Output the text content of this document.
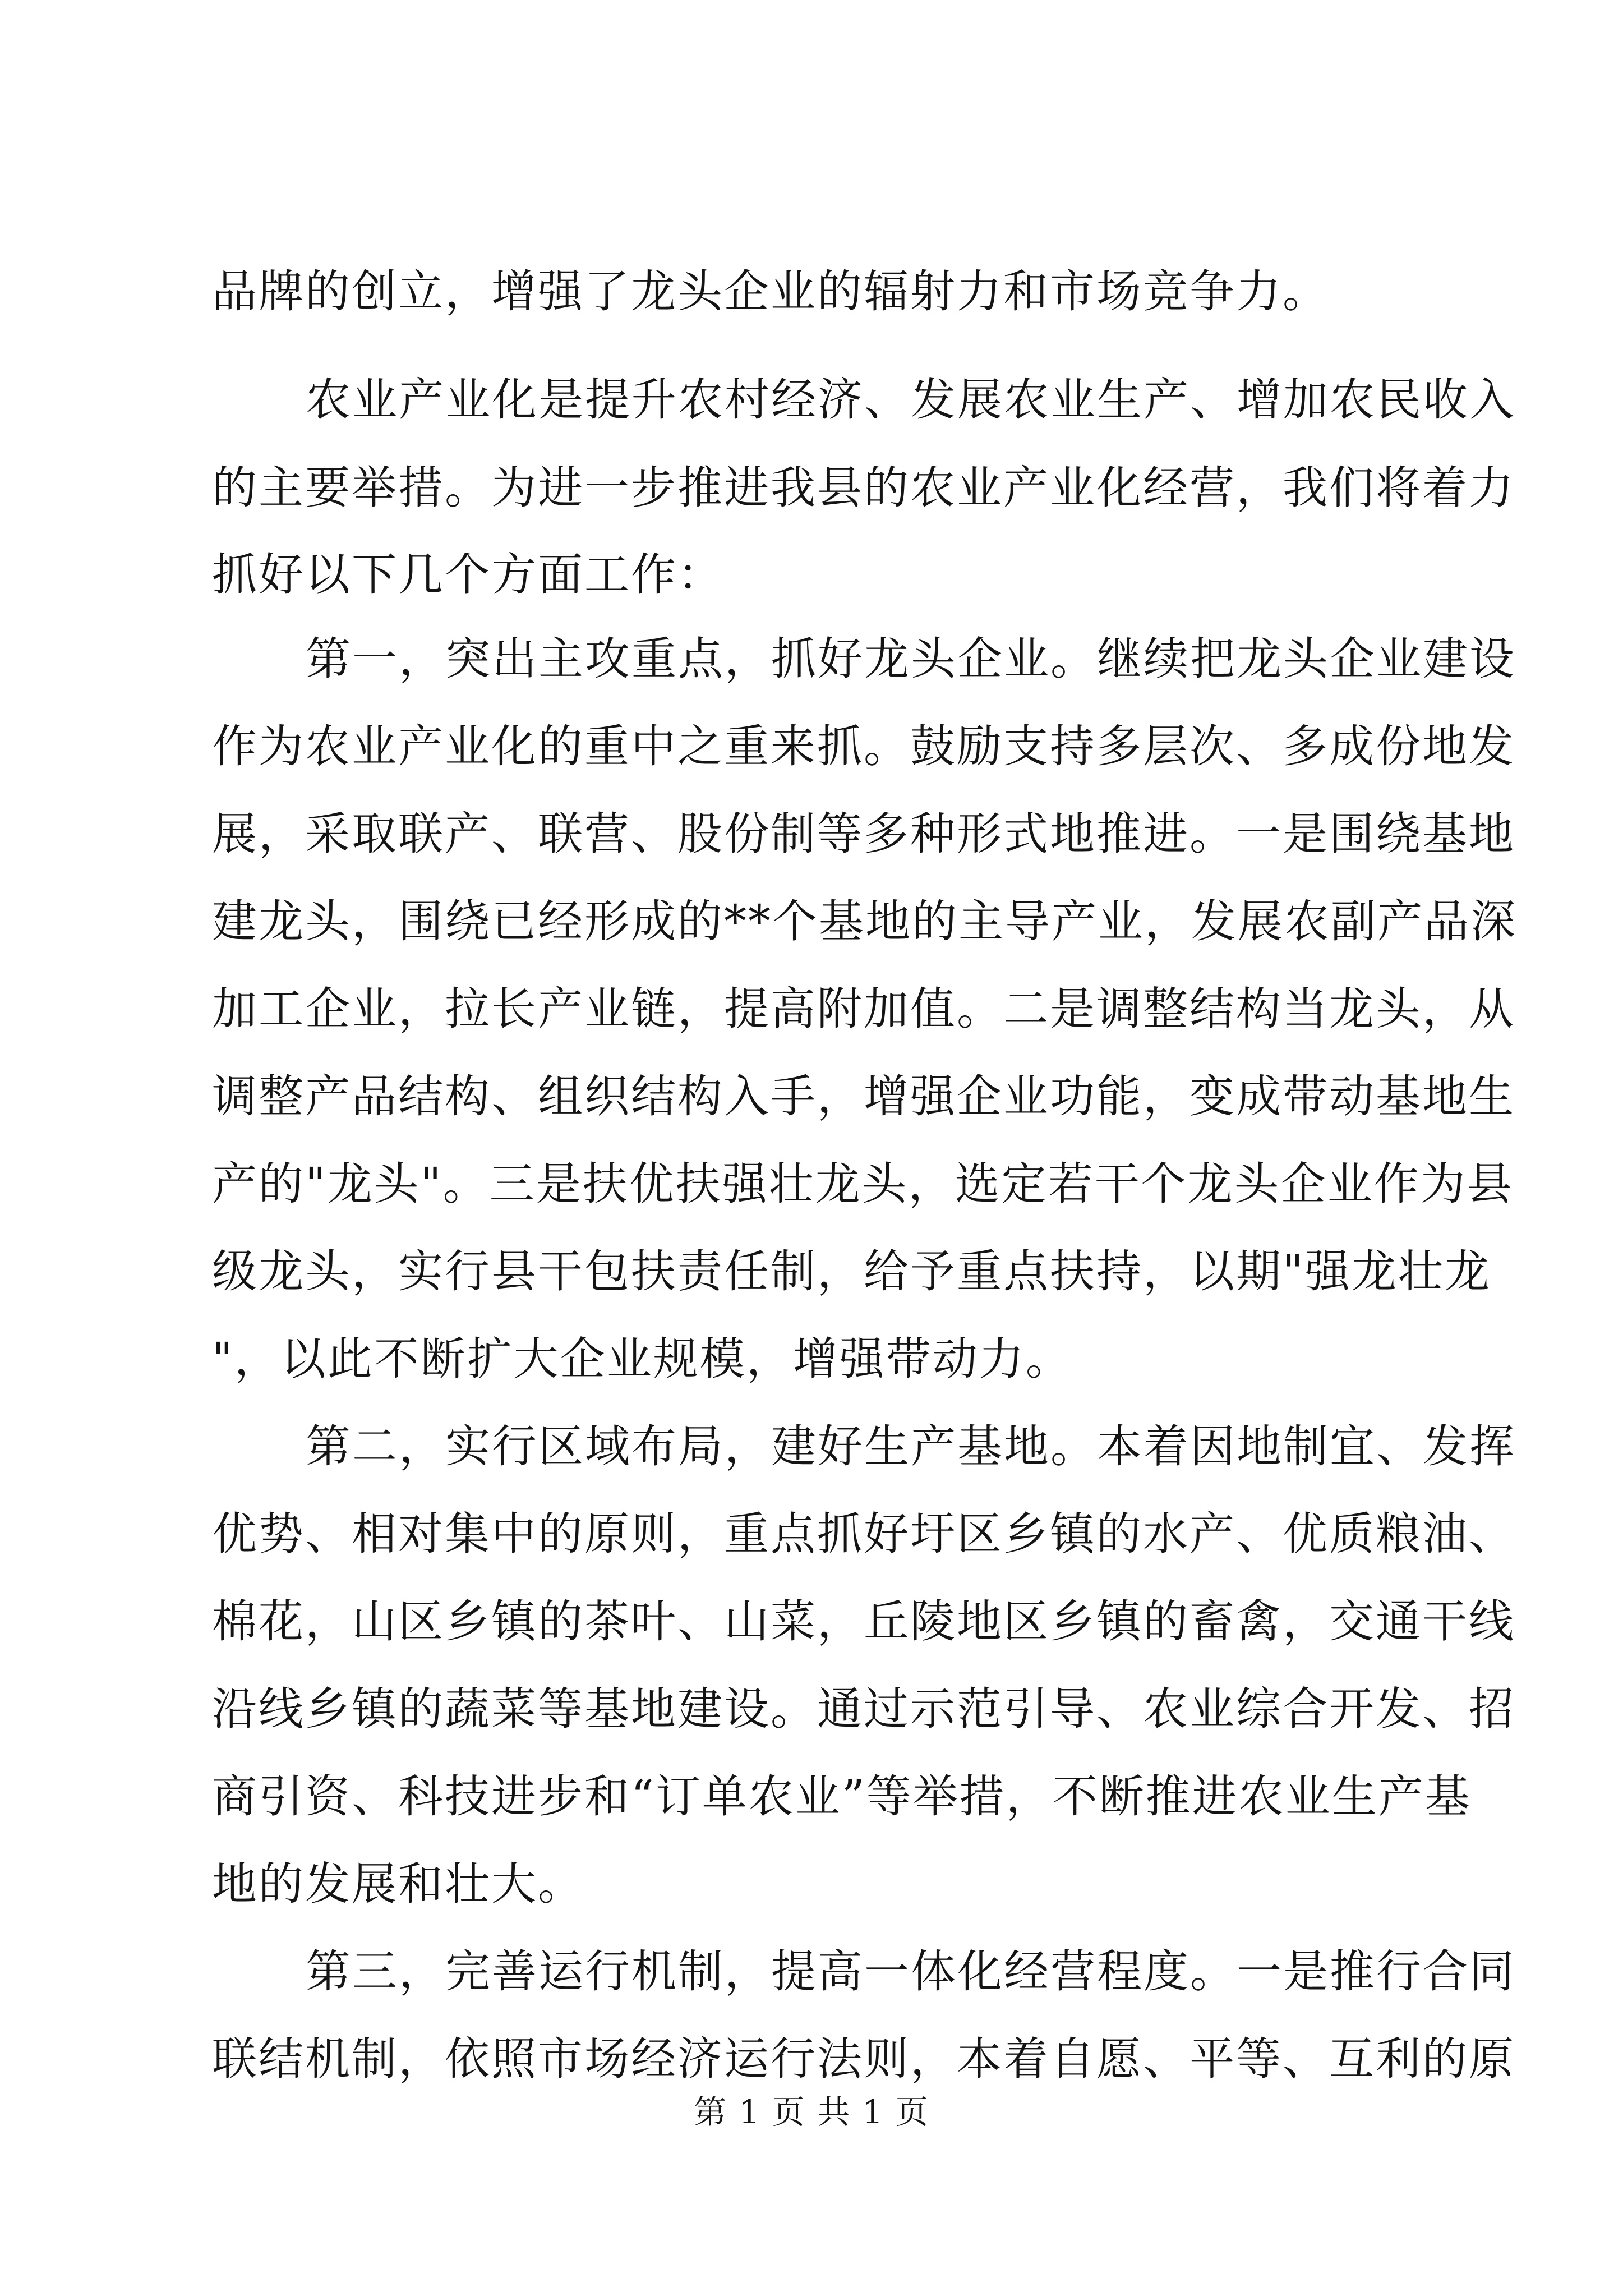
品牌的创立，增强了龙头企业的辐射力和市场竞争力。
农业产业化是提升农村经济、发展农业生产、增加农民收入
的主要举措。为进一步推进我县的农业产业化经营，我们将着力
抓好以下几个方面工作：
第一，突出主攻重点，抓好龙头企业。继续把龙头企业建设
作为农业产业化的重中之重来抓。鼓励支持多层次、多成份地发
展，采取联产、联营、股份制等多种形式地推进。一是围绕基地
建龙头，围绕已经形成的**个基地的主导产业，发展农副产品深
加工企业，拉长产业链，提高附加值。二是调整结构当龙头，从
调整产品结构、组织结构入手，增强企业功能，变成带动基地生
产的"龙头"。三是扶优扶强壮龙头，选定若干个龙头企业作为县
级龙头，实行县干包扶责任制，给予重点扶持，以期"强龙壮龙
"，以此不断扩大企业规模，增强带动力。
第二，实行区域布局，建好生产基地。本着因地制宜、发挥
优势、相对集中的原则，重点抓好圩区乡镇的水产、优质粮油、
棉花，山区乡镇的茶叶、山菜，丘陵地区乡镇的畜禽，交通干线
沿线乡镇的蔬菜等基地建设。通过示范引导、农业综合开发、招
商引资、科技进步和“订单农业”等举措，不断推进农业生产基
地的发展和壮大。
第三，完善运行机制，提高一体化经营程度。一是推行合同
联结机制，依照市场经济运行法则，本着自愿、平等、互利的原
第 1 页 共 1 页
